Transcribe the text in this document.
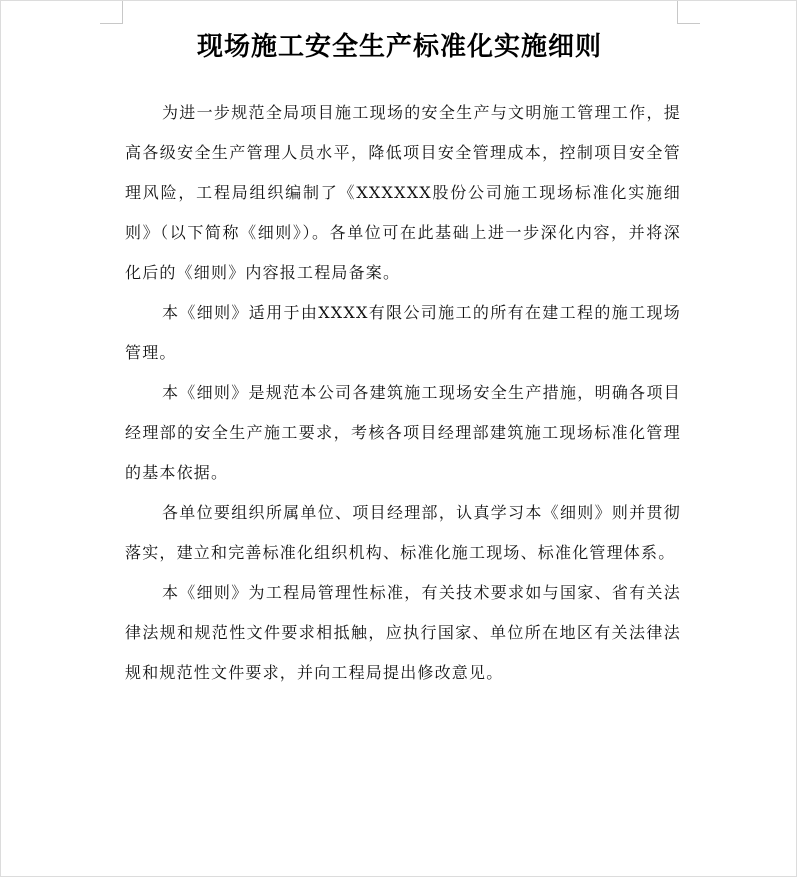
现场施工安全生产标准化实施细则

为进一步规范全局项目施工现场的安全生产与文明施工管理工作，提高各级安全生产管理人员水平，降低项目安全管理成本，控制项目安全管理风险，工程局组织编制了《XXXXXX股份公司施工现场标准化实施细则》（以下简称《细则》）。各单位可在此基础上进一步深化内容，并将深化后的《细则》内容报工程局备案。

本《细则》适用于由XXXX有限公司施工的所有在建工程的施工现场管理。

本《细则》是规范本公司各建筑施工现场安全生产措施，明确各项目经理部的安全生产施工要求，考核各项目经理部建筑施工现场标准化管理的基本依据。

各单位要组织所属单位、项目经理部，认真学习本《细则》则并贯彻落实，建立和完善标准化组织机构、标准化施工现场、标准化管理体系。

本《细则》为工程局管理性标准，有关技术要求如与国家、省有关法律法规和规范性文件要求相抵触，应执行国家、单位所在地区有关法律法规和规范性文件要求，并向工程局提出修改意见。
